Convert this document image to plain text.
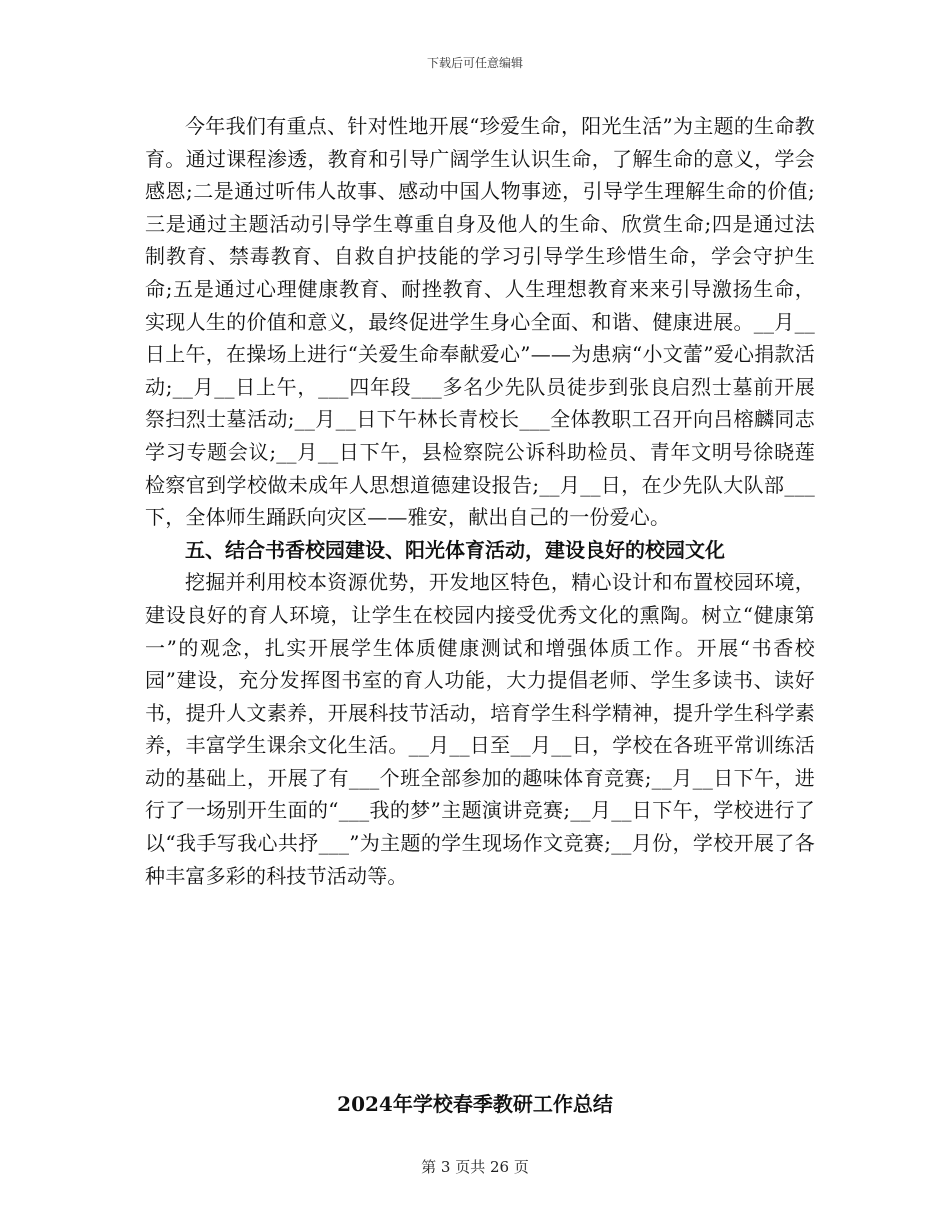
下载后可任意编辑

今年我们有重点、针对性地开展“珍爱生命，阳光生活”为主题的生命教育。通过课程渗透，教育和引导广阔学生认识生命，了解生命的意义，学会感恩;二是通过听伟人故事、感动中国人物事迹，引导学生理解生命的价值;三是通过主题活动引导学生尊重自身及他人的生命、欣赏生命;四是通过法制教育、禁毒教育、自救自护技能的学习引导学生珍惜生命，学会守护生命;五是通过心理健康教育、耐挫教育、人生理想教育来来引导激扬生命，实现人生的价值和意义，最终促进学生身心全面、和谐、健康进展。__月__日上午，在操场上进行“关爱生命奉献爱心”——为患病“小文蕾”爱心捐款活动;__月__日上午，___四年段___多名少先队员徒步到张良启烈士墓前开展祭扫烈士墓活动;__月__日下午林长青校长___全体教职工召开向吕榕麟同志学习专题会议;__月__日下午，县检察院公诉科助检员、青年文明号徐晓莲检察官到学校做未成年人思想道德建设报告;__月__日，在少先队大队部___下，全体师生踊跃向灾区——雅安，献出自己的一份爱心。

五、结合书香校园建设、阳光体育活动，建设良好的校园文化

挖掘并利用校本资源优势，开发地区特色，精心设计和布置校园环境，建设良好的育人环境，让学生在校园内接受优秀文化的熏陶。树立“健康第一”的观念，扎实开展学生体质健康测试和增强体质工作。开展“书香校园”建设，充分发挥图书室的育人功能，大力提倡老师、学生多读书、读好书，提升人文素养，开展科技节活动，培育学生科学精神，提升学生科学素养，丰富学生课余文化生活。__月__日至__月__日，学校在各班平常训练活动的基础上，开展了有___个班全部参加的趣味体育竞赛;__月__日下午，进行了一场别开生面的“___我的梦”主题演讲竞赛;__月__日下午，学校进行了以“我手写我心共抒___”为主题的学生现场作文竞赛;__月份，学校开展了各种丰富多彩的科技节活动等。

2024年学校春季教研工作总结
第 3 页共 26 页
